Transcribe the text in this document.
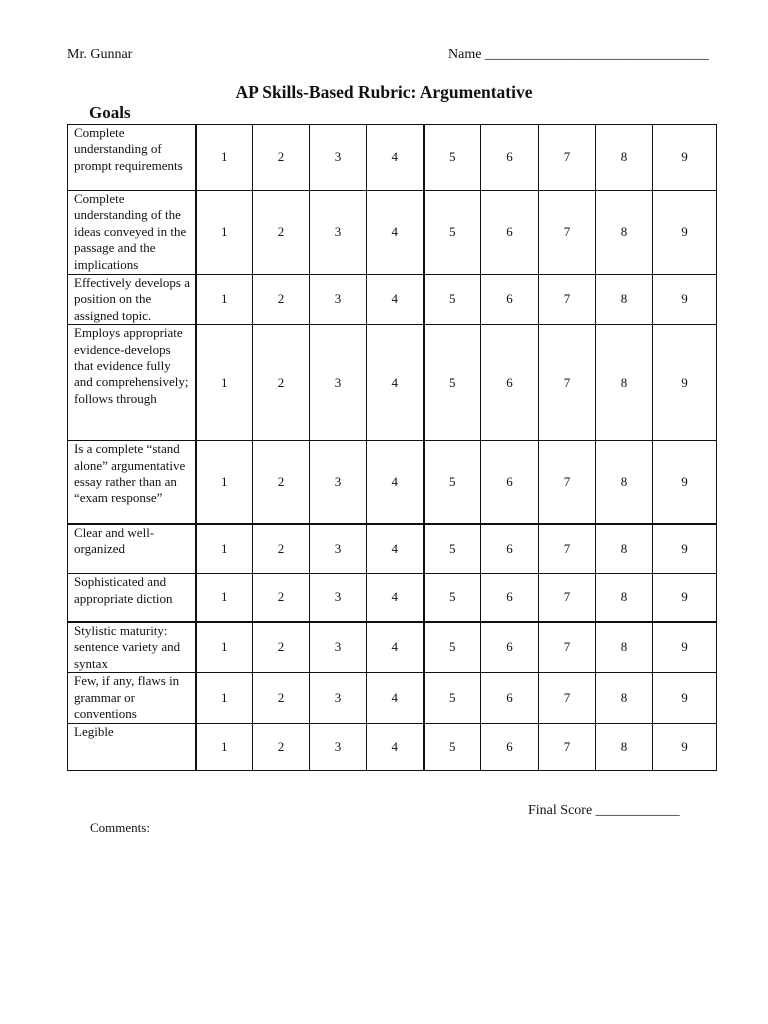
Mr. Gunnar	Name ________________________________
AP Skills-Based Rubric: Argumentative
Goals
Complete understanding of prompt requirements	1	2	3	4	5	6	7	8	9
Complete understanding of the ideas conveyed in the passage and the implications	1	2	3	4	5	6	7	8	9
Effectively develops a position on the assigned topic.	1	2	3	4	5	6	7	8	9
Employs appropriate evidence-develops that evidence fully and comprehensively; follows through	1	2	3	4	5	6	7	8	9
Is a complete “stand alone” argumentative essay rather than an “exam response”	1	2	3	4	5	6	7	8	9
Clear and well-organized	1	2	3	4	5	6	7	8	9
Sophisticated and appropriate diction	1	2	3	4	5	6	7	8	9
Stylistic maturity: sentence variety and syntax	1	2	3	4	5	6	7	8	9
Few, if any, flaws in grammar or conventions	1	2	3	4	5	6	7	8	9
Legible	1	2	3	4	5	6	7	8	9
Final Score ____________
Comments:
